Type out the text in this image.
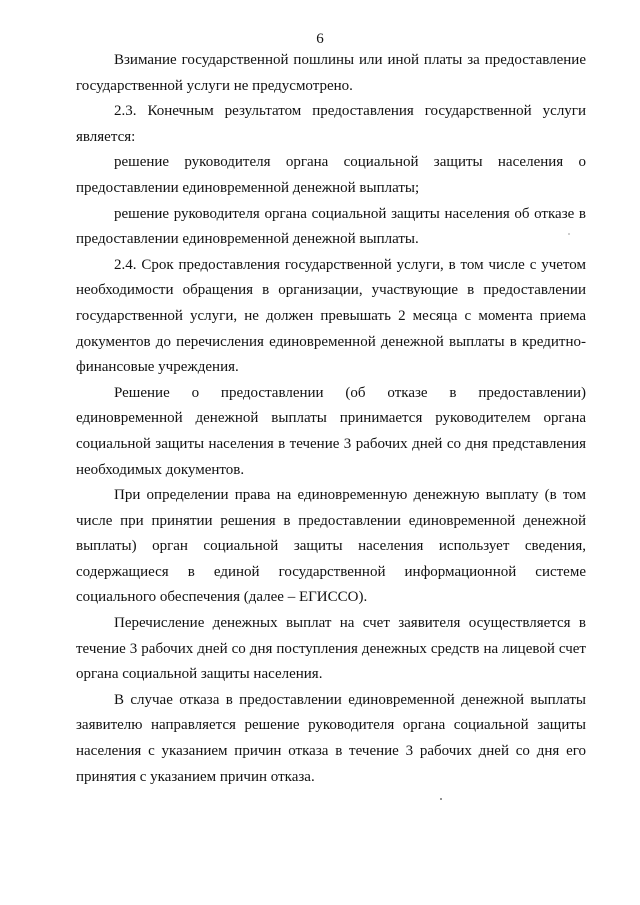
6

Взимание государственной пошлины или иной платы за предоставление государственной услуги не предусмотрено.

2.3. Конечным результатом предоставления государственной услуги является:

решение руководителя органа социальной защиты населения о предоставлении единовременной денежной выплаты;

решение руководителя органа социальной защиты населения об отказе в предоставлении единовременной денежной выплаты.

2.4. Срок предоставления государственной услуги, в том числе с учетом необходимости обращения в организации, участвующие в предоставлении государственной услуги, не должен превышать 2 месяца с момента приема документов до перечисления единовременной денежной выплаты в кредитно-финансовые учреждения.

Решение о предоставлении (об отказе в предоставлении) единовременной денежной выплаты принимается руководителем органа социальной защиты населения в течение 3 рабочих дней со дня представления необходимых документов.

При определении права на единовременную денежную выплату (в том числе при принятии решения в предоставлении единовременной денежной выплаты) орган социальной защиты населения использует сведения, содержащиеся в единой государственной информационной системе социального обеспечения (далее – ЕГИССО).

Перечисление денежных выплат на счет заявителя осуществляется в течение 3 рабочих дней со дня поступления денежных средств на лицевой счет органа социальной защиты населения.

В случае отказа в предоставлении единовременной денежной выплаты заявителю направляется решение руководителя органа социальной защиты населения с указанием причин отказа в течение 3 рабочих дней со дня его принятия с указанием причин отказа.
